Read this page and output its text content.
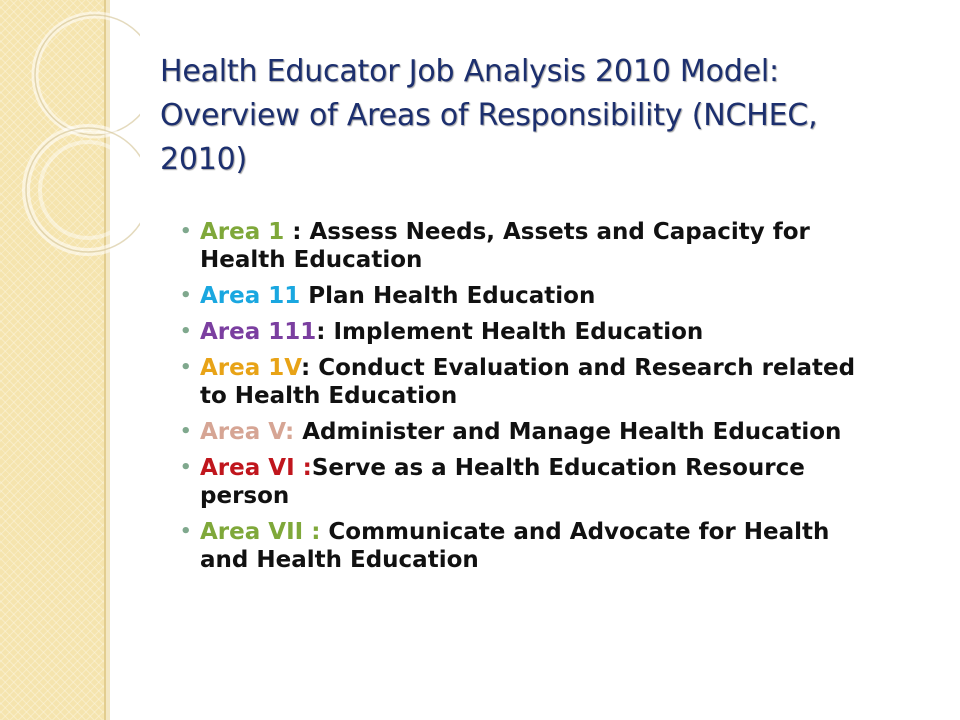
Health Educator Job Analysis 2010 Model: Overview of Areas of Responsibility (NCHEC, 2010)
• Area 1 : Assess Needs, Assets and Capacity for Health Education
• Area 11 Plan Health Education
• Area 111: Implement Health Education
• Area 1V: Conduct Evaluation and Research related to Health Education
• Area V: Administer and Manage Health Education
• Area VI :Serve as a Health Education Resource person
• Area VII : Communicate and Advocate for Health and Health Education
